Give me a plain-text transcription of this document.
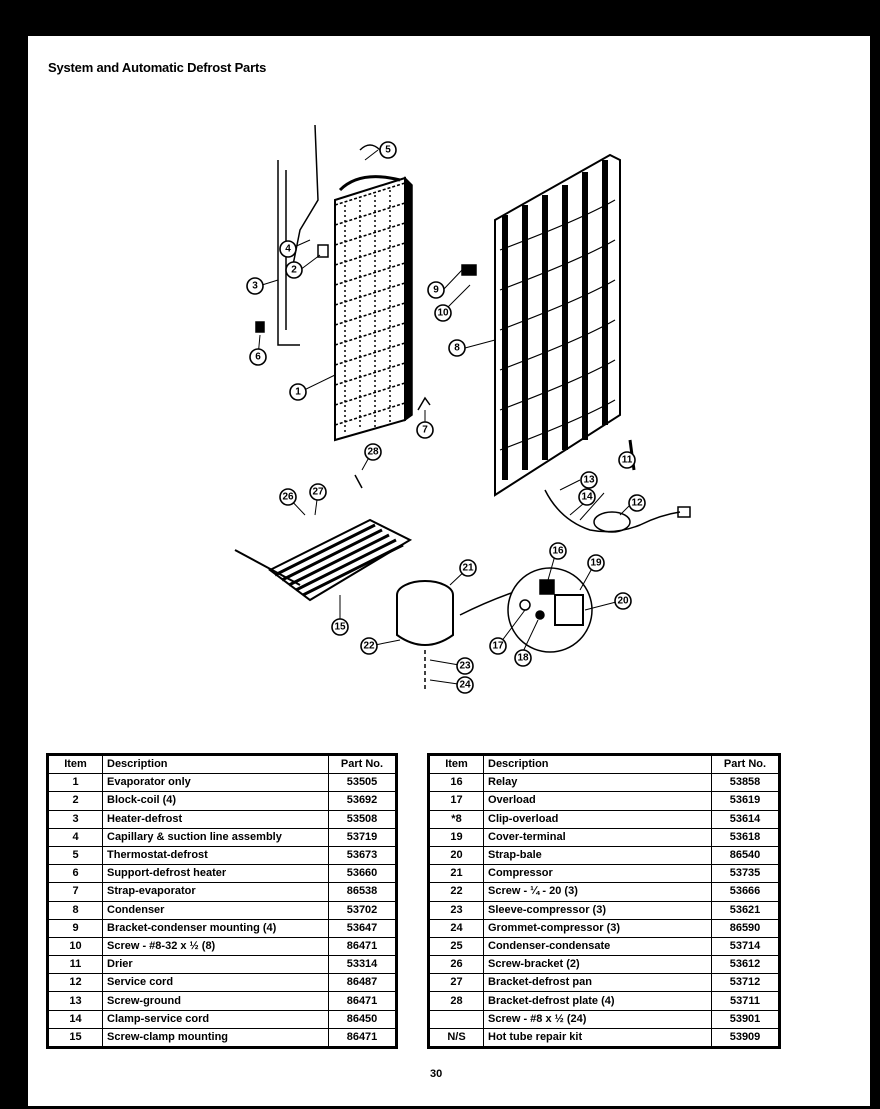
System and Automatic Defrost Parts
1
2
3
4
5
6
7
8
9
10
11
12
13
14
15
16
17
18
19
20
21
22
23
24
26 27
28
Item	Description	Part No.
1	Evaporator only	53505
2	Block-coil (4)	53692
3	Heater-defrost	53508
4	Capillary & suction line assembly	53719
5	Thermostat-defrost	53673
6	Support-defrost heater	53660
7	Strap-evaporator	86538
8	Condenser	53702
9	Bracket-condenser mounting (4)	53647
10	Screw - #8-32 x ½ (8)	86471
11	Drier	53314
12	Service cord	86487
13	Screw-ground	86471
14	Clamp-service cord	86450
15	Screw-clamp mounting	86471
Item	Description	Part No.
16	Relay	53858
17	Overload	53619
*8	Clip-overload	53614
19	Cover-terminal	53618
20	Strap-bale	86540
21	Compressor	53735
22	Screw - ¼ - 20 (3)	53666
23	Sleeve-compressor (3)	53621
24	Grommet-compressor (3)	86590
25	Condenser-condensate	53714
26	Screw-bracket (2)	53612
27	Bracket-defrost pan	53712
28	Bracket-defrost plate (4)	53711
	Screw - #8 x ½ (24)	53901
N/S	Hot tube repair kit	53909
30
